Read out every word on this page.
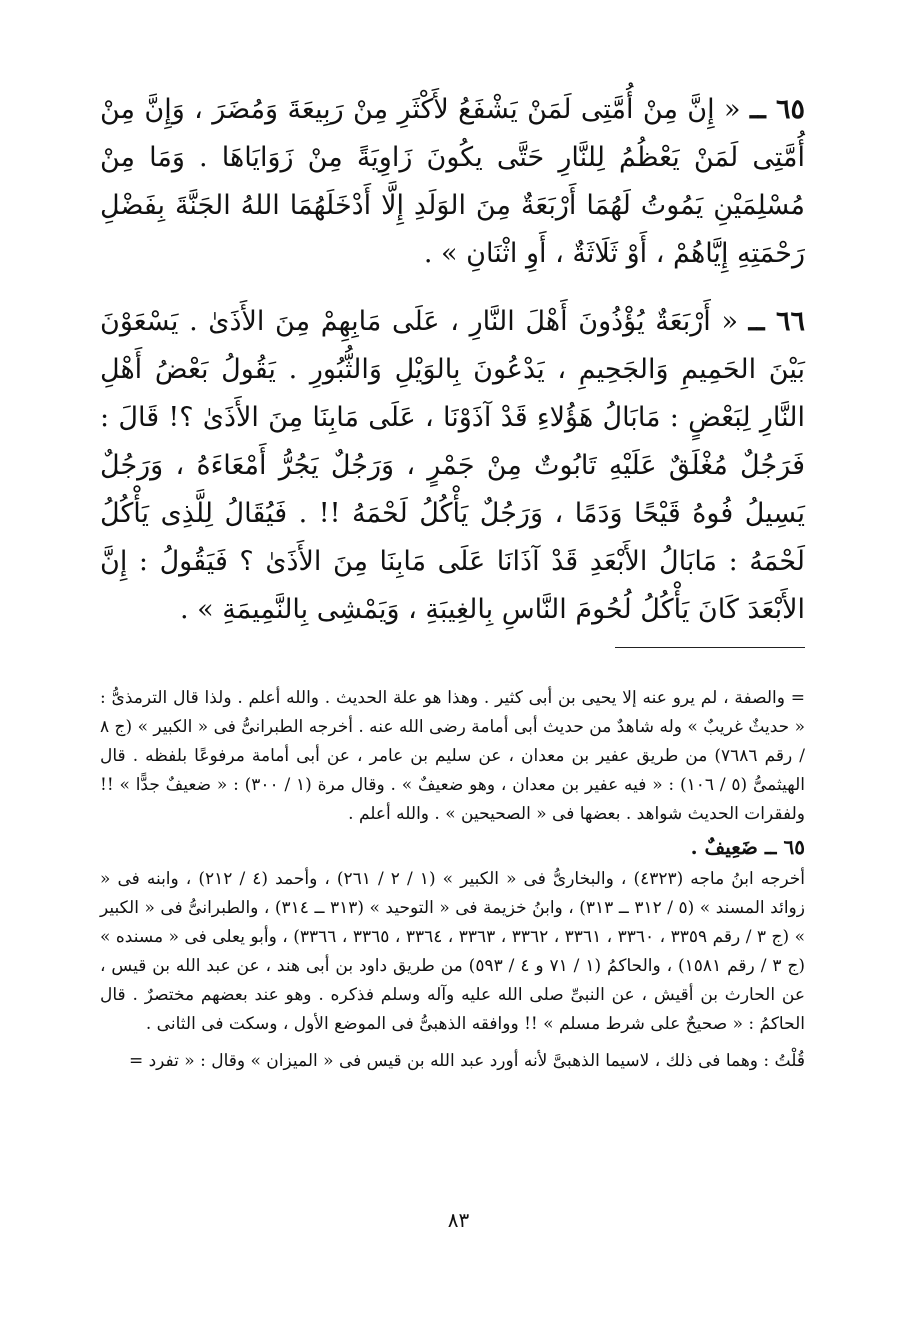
٦٥ ــ « إِنَّ مِنْ أُمَّتِى لَمَنْ يَشْفَعُ لأَكْثَرِ مِنْ رَبِيعَةَ وَمُضَرَ ، وَإِنَّ مِنْ أُمَّتِى لَمَنْ يَعْظُمُ لِلنَّارِ حَتَّى يكُونَ زَاوِيَةً مِنْ زَوَايَاهَا . وَمَا مِنْ مُسْلِمَيْنِ يَمُوتُ لَهُمَا أَرْبَعَةٌ مِنَ الوَلَدِ إِلَّا أَدْخَلَهُمَا اللهُ الجَنَّةَ بِفَضْلِ رَحْمَتِهِ إِيَّاهُمْ ، أَوْ ثَلَاثَةٌ ، أَوِ اثْنَانِ » .

٦٦ ــ « أَرْبَعَةٌ يُؤْذُونَ أَهْلَ النَّارِ ، عَلَى مَابِهِمْ مِنَ الأَذَىٰ . يَسْعَوْنَ بَيْنَ الحَمِيمِ وَالجَحِيمِ ، يَدْعُونَ بِالوَيْلِ وَالثُّبُورِ . يَقُولُ بَعْضُ أَهْلِ النَّارِ لِبَعْضٍ : مَابَالُ هَؤُلاءِ قَدْ آذَوْنَا ، عَلَى مَابِنَا مِنَ الأَذَىٰ ؟! قَالَ : فَرَجُلٌ مُغْلَقٌ عَلَيْهِ تَابُوتٌ مِنْ جَمْرٍ ، وَرَجُلٌ يَجُرُّ أَمْعَاءَهُ ، وَرَجُلٌ يَسِيلُ فُوهُ قَيْحًا وَدَمًا ، وَرَجُلٌ يَأْكُلُ لَحْمَهُ !! . فَيُقَالُ لِلَّذِى يَأْكُلُ لَحْمَهُ : مَابَالُ الأَبْعَدِ قَدْ آذَانَا عَلَى مَابِنَا مِنَ الأَذَىٰ ؟ فَيَقُولُ : إِنَّ الأَبْعَدَ كَانَ يَأْكُلُ لُحُومَ النَّاسِ بِالغِيبَةِ ، وَيَمْشِى بِالنَّمِيمَةِ » .

= والصفة ، لم يرو عنه إلا يحيى بن أبى كثير . وهذا هو علة الحديث . والله أعلم . ولذا قال الترمذىُّ : « حديثٌ غريبٌ » وله شاهدٌ من حديث أبى أمامة رضى الله عنه . أخرجه الطبرانىُّ فى « الكبير » (ج ٨ / رقم ٧٦٨٦) من طريق عفير بن معدان ، عن سليم بن عامر ، عن أبى أمامة مرفوعًا بلفظه . قال الهيثمىُّ (٥ / ١٠٦) : « فيه عفير بن معدان ، وهو ضعيفٌ » . وقال مرة (١ / ٣٠٠) : « ضعيفٌ جدًّا » !! ولفقرات الحديث شواهد . بعضها فى « الصحيحين » . والله أعلم .

٦٥ ــ ضَعِيفٌ .

أخرجه ابنُ ماجه (٤٣٢٣) ، والبخارىُّ فى « الكبير » (١ / ٢ / ٢٦١) ، وأحمد (٤ / ٢١٢) ، وابنه فى « زوائد المسند » (٥ / ٣١٢ ــ ٣١٣) ، وابنُ خزيمة فى « التوحيد » (٣١٣ ــ ٣١٤) ، والطبرانىُّ فى « الكبير » (ج ٣ / رقم ٣٣٥٩ ، ٣٣٦٠ ، ٣٣٦١ ، ٣٣٦٢ ، ٣٣٦٣ ، ٣٣٦٤ ، ٣٣٦٥ ، ٣٣٦٦) ، وأبو يعلى فى « مسنده » (ج ٣ / رقم ١٥٨١) ، والحاكمُ (١ / ٧١ و ٤ / ٥٩٣) من طريق داود بن أبى هند ، عن عبد الله بن قيس ، عن الحارث بن أقيش ، عن النبىِّ صلى الله عليه وآله وسلم فذكره . وهو عند بعضهم مختصرٌ . قال الحاكمُ : « صحيحٌ على شرط مسلم » !! ووافقه الذهبىُّ فى الموضع الأول ، وسكت فى الثانى .

قُلْتُ : وهما فى ذلك ، لاسيما الذهبىَّ لأنه أورد عبد الله بن قيس فى « الميزان » وقال : « تفرد =

٨٣
